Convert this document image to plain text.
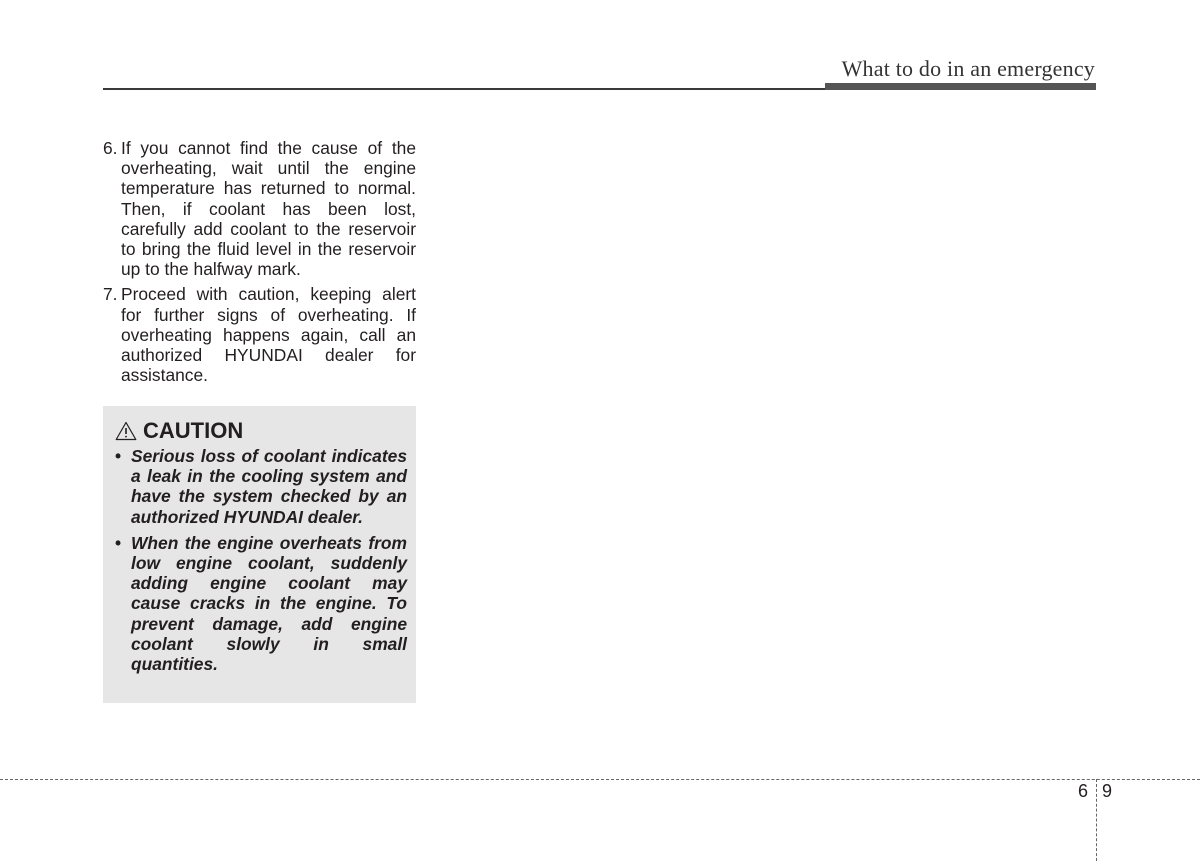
What to do in an emergency

6. If you cannot find the cause of the overheating, wait until the engine temperature has returned to normal. Then, if coolant has been lost, carefully add coolant to the reservoir to bring the fluid level in the reservoir up to the halfway mark.

7. Proceed with caution, keeping alert for further signs of overheating. If overheating happens again, call an authorized HYUNDAI dealer for assistance.

CAUTION
• Serious loss of coolant indicates a leak in the cooling system and have the system checked by an authorized HYUNDAI dealer.
• When the engine overheats from low engine coolant, suddenly adding engine coolant may cause cracks in the engine. To prevent damage, add engine coolant slowly in small quantities.
6 9
